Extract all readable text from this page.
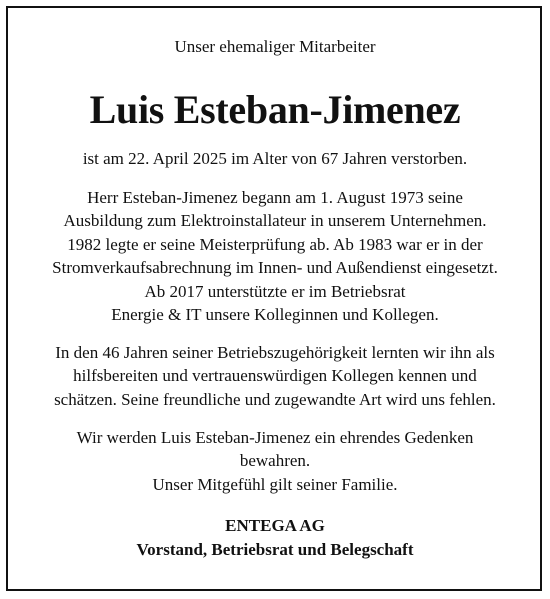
Unser ehemaliger Mitarbeiter
Luis Esteban-Jimenez
ist am 22. April 2025 im Alter von 67 Jahren verstorben.
Herr Esteban-Jimenez begann am 1. August 1973 seine
Ausbildung zum Elektroinstallateur in unserem Unternehmen.
1982 legte er seine Meisterprüfung ab. Ab 1983 war er in der
Stromverkaufsabrechnung im Innen- und Außendienst eingesetzt.
Ab 2017 unterstützte er im Betriebsrat
Energie & IT unsere Kolleginnen und Kollegen.
In den 46 Jahren seiner Betriebszugehörigkeit lernten wir ihn als
hilfsbereiten und vertrauenswürdigen Kollegen kennen und
schätzen. Seine freundliche und zugewandte Art wird uns fehlen.
Wir werden Luis Esteban-Jimenez ein ehrendes Gedenken
bewahren.
Unser Mitgefühl gilt seiner Familie.
ENTEGA AG
Vorstand, Betriebsrat und Belegschaft
